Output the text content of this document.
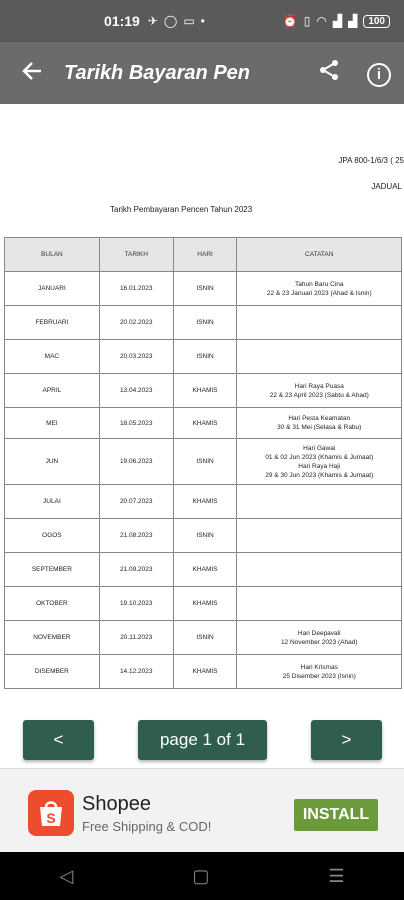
01:19 ✈ ◯ ▭ •	⏰ ▯ ◠ ▟ ▟	100
Tarikh Bayaran Pen	i
JPA 800-1/6/3 ( 25
JADUAL
Tarikh Pembayaran Pencen Tahun 2023
BULAN	TARIKH	HARI	CATATAN
JANUARI	16.01.2023	ISNIN	Tahun Baru Cina
22 & 23 Januari 2023 (Ahad & Isnin)

FEBRUARI	20.02.2023	ISNIN	
MAC	20.03.2023	ISNIN	
APRIL	13.04.2023	KHAMIS	Hari Raya Puasa
22 & 23 April 2023 (Sabtu & Ahad)

MEI	18.05.2023	KHAMIS	Hari Pesta Keamatan
30 & 31 Mei (Selasa & Rabu)

JUN	19.06.2023	ISNIN	Hari Gawai
01 & 02 Jun 2023 (Khamis & Jumaat)
Hari Raya Haji
29 & 30 Jun 2023 (Khamis & Jumaat)

JULAI	20.07.2023	KHAMIS	
OGOS	21.08.2023	ISNIN	
SEPTEMBER	21.09.2023	KHAMIS	
OKTOBER	19.10.2023	KHAMIS	
NOVEMBER	20.11.2023	ISNIN	Hari Deepavali
12 November 2023 (Ahad)

DISEMBER	14.12.2023	KHAMIS	Hari Krismas
25 Disember 2023 (Isnin)
<	page 1 of 1	>
S
Shopee
Free Shipping & COD!
INSTALL
◁	▢	☰
